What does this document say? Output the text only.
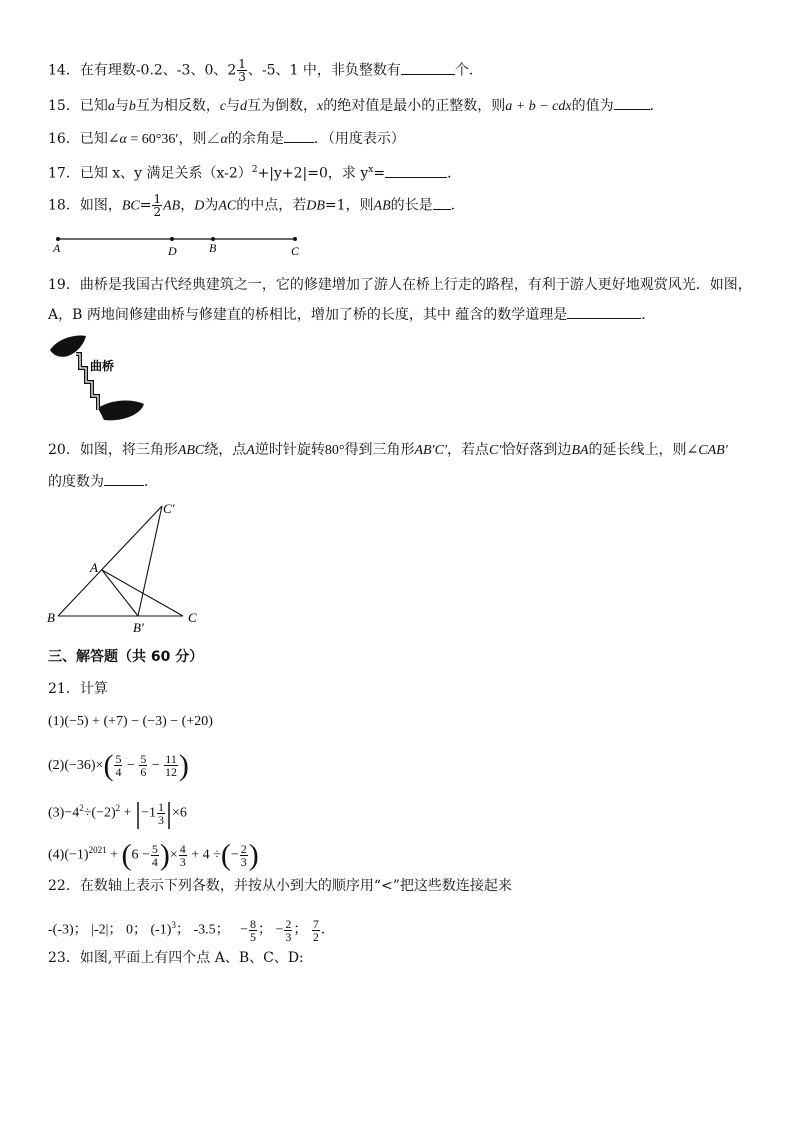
14．在有理数-0.2、-3、0、$2 \frac{1}{3}$ 、-5、1 中，非负整数有	个．
15．已知a与b互为相反数，c与d互为倒数，x的绝对值是最小的正整数，则a + b − cdx的值为	．
16．已知∠α = 60°36′，则∠α的余角是 ．（用度表示）
17．已知 x、y 满足关系$(x-2)^2+|y+2|=0$，求 $y^x=$	．
18．如图，$BC= \frac{1}{2}$ AB，D为AC的中点，若DB=1，则AB的长是 ．
A	D	B	C
19．曲桥是我国古代经典建筑之一，它的修建增加了游人在桥上行走的路程，有利于游人更好地观赏风光．如图，
A，B 两地间修建曲桥与修建直的桥相比，增加了桥的长度，其中 蕴含的数学道理是	．
曲桥
20．如图，将三角形ABC绕，点A逆时针旋转80°得到三角形AB′C′，若点C′恰好落到边BA的延长线上，则∠CAB′
的度数为	．
C′
A
B
B′
C
三、解答题（共 60 分）
21．计算
(1)(−5) + (+7) − (−3) − (+20)
$(2)(-36)\times( \frac{5}{4} - \frac{5}{6} - \frac{11}{12}$ )
$(3)-4^2\div(-2)^2 + |-1 \frac{1}{3} |\times 6$
$(4)(-1)^{2021} + (6 - \frac{5}{4}$ )× $\frac{4}{3} + 4$ ÷(− $\frac{2}{3}$ )
22．在数轴上表示下列各数，并按从小到大的顺序用“<”把这些数连接起来
-(-3)； |-2|； 0； $(-1)^3$； -3.5；   − $\frac{8}{5}$ ； − $\frac{2}{3}$ ； $\frac{7}{2}$ ．
23．如图,平面上有四个点 A、B、C、D:
